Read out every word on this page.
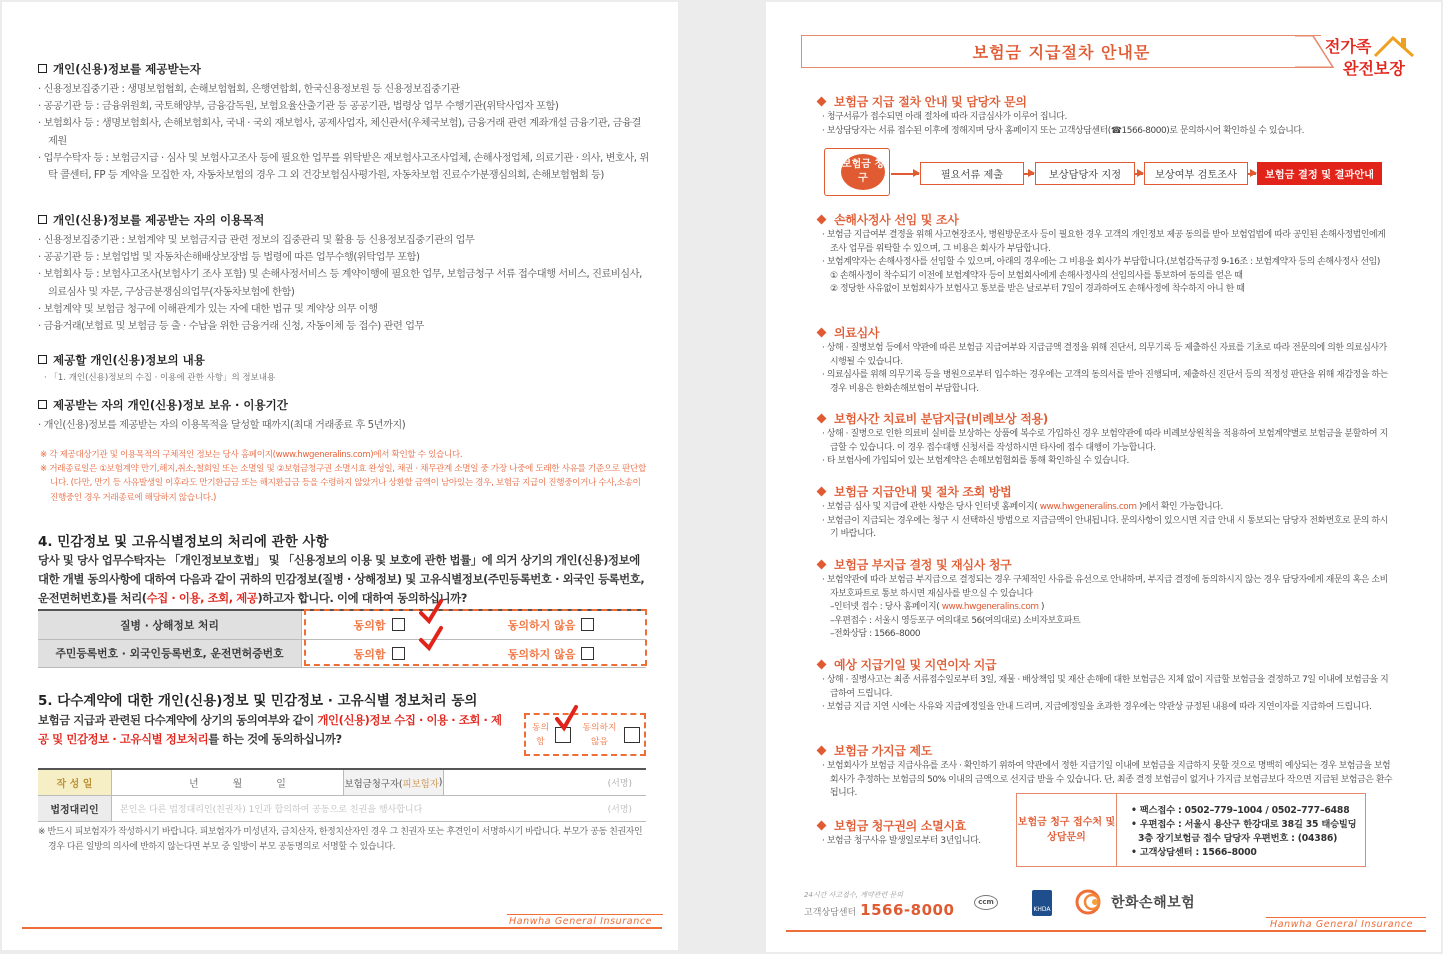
개인(신용)정보를 제공받는자

· 신용정보집중기관 : 생명보험협회, 손해보험협회, 은행연합회, 한국신용정보원 등 신용정보집중기관

· 공공기관 등 : 금융위원회, 국토해양부, 금융감독원, 보험요율산출기관 등 공공기관, 법령상 업무 수행기관(위탁사업자 포함)

· 보험회사 등 : 생명보험회사, 손해보험회사, 국내 · 국외 재보험사, 공제사업자, 체신관서(우체국보험), 금융거래 관련 계좌개설 금융기관, 금융결제원

· 업무수탁자 등 : 보험금지급 · 심사 및 보험사고조사 등에 필요한 업무를 위탁받은 재보험사고조사업체, 손해사정업체, 의료기관 · 의사, 변호사, 위탁 콜센터, FP 등 계약을 모집한 자, 자동차보험의 경우 그 외 건강보험심사평가원, 자동차보험 진료수가분쟁심의회, 손해보험협회 등)

개인(신용)정보를 제공받는 자의 이용목적

· 신용정보집중기관 : 보험계약 및 보험금지급 관련 정보의 집중관리 및 활용 등 신용정보집중기관의 업무

· 공공기관 등 : 보험업법 및 자동차손해배상보장법 등 법령에 따른 업무수행(위탁업무 포함)

· 보험회사 등 : 보험사고조사(보험사기 조사 포함) 및 손해사정서비스 등 계약이행에 필요한 업무, 보험금청구 서류 접수대행 서비스, 진료비심사, 의료심사 및 자문, 구상금분쟁심의업무(자동차보험에 한함)

· 보험계약 및 보험금 청구에 이해관계가 있는 자에 대한 법규 및 계약상 의무 이행

· 금융거래(보험료 및 보험금 등 출 · 수납을 위한 금융거래 신청, 자동이체 등 접수) 관련 업무

제공할 개인(신용)정보의 내용
· 「1. 개인(신용)정보의 수집 · 이용에 관한 사항」의 정보내용
제공받는 자의 개인(신용)정보 보유 · 이용기간

· 개인(신용)정보를 제공받는 자의 이용목적을 달성할 때까지(최대 거래종료 후 5년까지)

※ 각 제공대상기관 및 이용목적의 구체적인 정보는 당사 홈페이지(www.hwgeneralins.com)에서 확인할 수 있습니다.

※ 거래종료일은 ①보험계약 만기,해지,취소,철회일 또는 소멸일 및 ②보험금청구권 소멸시효 완성일, 채권 · 채무관계 소멸일 중 가장 나중에 도래한 사유를 기준으로 판단합니다. (다만, 만기 등 사유발생일 이후라도 만기환급금 또는 해지환급금 등을 수령하지 않았거나 상환할 금액이 남아있는 경우, 보험금 지급이 진행중이거나 수사,소송이 진행중인 경우 거래종료에 해당하지 않습니다.)

4. 민감정보 및 고유식별정보의 처리에 관한 사항
당사 및 당사 업무수탁자는 「개인정보보호법」 및 「신용정보의 이용 및 보호에 관한 법률」에 의거 상기의 개인(신용)정보에 대한 개별 동의사항에 대하여 다음과 같이 귀하의 민감정보(질병 · 상해정보) 및 고유식별정보(주민등록번호 · 외국인 등록번호, 운전면허번호)를 처리(수집 · 이용, 조회, 제공)하고자 합니다. 이에 대하여 동의하십니까?
질병 · 상해정보 처리	동의함	동의하지 않음
주민등록번호 · 외국인등록번호, 운전면허증번호	동의함	동의하지 않음
5. 다수계약에 대한 개인(신용)정보 및 민감정보 · 고유식별 정보처리 동의
보험금 지급과 관련된 다수계약에 상기의 동의여부와 같이 개인(신용)정보 수집 · 이용 · 조회 · 제공 및 민감정보 · 고유식별 정보처리를 하는 것에 동의하십니까?
동의함
동의하지 않음
작 성 일	년	월	일	보험금청구자( 피보험자 )	(서명)
법정대리인	본인은 다른 법정대리인(친권자) 1인과 합의하여 공동으로 친권을 행사합니다	(서명)
※ 반드시 피보험자가 작성하시기 바랍니다. 피보험자가 미성년자, 금치산자, 한정치산자인 경우 그 친권자 또는 후견인이 서명하시기 바랍니다. 부모가 공동 친권자인 경우 다른 일방의 의사에 반하지 않는다면 부모 중 일방이 부모 공동명의로 서명할 수 있습니다.
Hanwha General Insurance
보험금 지급절차 안내문	전가족
완전보장
보험금 지급 절차 안내 및 담당자 문의

· 청구서류가 접수되면 아래 절차에 따라 지급심사가 이루어 집니다.

· 보상담당자는 서류 접수된 이후에 정해지며 당사 홈페이지 또는 고객상담센터(☎1566-8000)로 문의하시어 확인하실 수 있습니다.

보험금 청구	필요서류 제출	보상담당자 지정	보상여부 검토조사	보험금 결정 및 결과안내
손해사정사 선임 및 조사

· 보험금 지급여부 결정을 위해 사고현장조사, 병원방문조사 등이 필요한 경우 고객의 개인정보 제공 동의를 받아 보험업법에 따라 공인된 손해사정법인에게 조사 업무를 위탁할 수 있으며, 그 비용은 회사가 부담합니다.

· 보험계약자는 손해사정사를 선임할 수 있으며, 아래의 경우에는 그 비용을 회사가 부담합니다.(보험감독규정 9-16조 : 보험계약자 등의 손해사정사 선임)

① 손해사정이 착수되기 이전에 보험계약자 등이 보험회사에게 손해사정사의 선임의사를 통보하여 동의를 얻은 때

② 정당한 사유없이 보험회사가 보험사고 통보를 받은 날로부터 7일이 경과하여도 손해사정에 착수하지 아니 한 때

의료심사

· 상해 · 질병보험 등에서 약관에 따른 보험금 지급여부와 지급금액 결정을 위해 진단서, 의무기록 등 제출하신 자료를 기초로 따라 전문의에 의한 의료심사가 시행될 수 있습니다.

· 의료심사를 위해 의무기록 등을 병원으로부터 입수하는 경우에는 고객의 동의서를 받아 진행되며, 제출하신 진단서 등의 적정성 판단을 위해 재감정을 하는 경우 비용은 한화손해보험이 부담합니다.

보험사간 치료비 분담지급(비례보상 적용)

· 상해 · 질병으로 인한 의료비 실비를 보상하는 상품에 복수로 가입하신 경우 보험약관에 따라 비례보상원칙을 적용하여 보험계약별로 보험금을 분할하여 지급할 수 있습니다. 이 경우 접수대행 신청서를 작성하시면 타사에 접수 대행이 가능합니다.

· 타 보험사에 가입되어 있는 보험계약은 손해보험협회를 통해 확인하실 수 있습니다.

보험금 지급안내 및 절차 조회 방법

· 보험금 심사 및 지급에 관한 사항은 당사 인터넷 홈페이지( www.hwgeneralins.com )에서 확인 가능합니다.

· 보험금이 지급되는 경우에는 청구 시 선택하신 방법으로 지급금액이 안내됩니다. 문의사항이 있으시면 지급 안내 시 통보되는 담당자 전화번호로 문의 하시기 바랍니다.

보험금 부지급 결정 및 재심사 청구

· 보험약관에 따라 보험금 부지급으로 결정되는 경우 구체적인 사유를 유선으로 안내하며, 부지급 결정에 동의하시지 않는 경우 담당자에게 재문의 혹은 소비자보호파트로 통보 하시면 재심사를 받으실 수 있습니다

–인터넷 접수 : 당사 홈페이지( www.hwgeneralins.com )

–우편접수 : 서울시 영등포구 여의대로 56(여의대로) 소비자보호파트

–전화상담 : 1566–8000

예상 지급기일 및 지연이자 지급

· 상해 · 질병사고는 최종 서류접수일로부터 3일, 재물 · 배상책임 및 재산 손해에 대한 보험금은 지체 없이 지급할 보험금을 결정하고 7일 이내에 보험금을 지급하여 드립니다.

· 보험금 지급 지연 시에는 사유와 지급예정일을 안내 드리며, 지급예정일을 초과한 경우에는 약관상 규정된 내용에 따라 지연이자를 지급하여 드립니다.

보험금 가지급 제도

· 보험회사가 보험금 지급사유를 조사 · 확인하기 위하여 약관에서 정한 지급기일 이내에 보험금을 지급하지 못할 것으로 명백히 예상되는 경우 보험금을 보험회사가 추정하는 보험금의 50% 이내의 금액으로 선지급 받을 수 있습니다. 단, 최종 결정 보험금이 없거나 가지급 보험금보다 작으면 지급된 보험금은 환수됩니다.

보험금 청구권의 소멸시효

· 보험금 청구사유 발생일로부터 3년입니다.

보험금 청구 접수처 및 상담문의

• 팩스접수 : 0502–779–1004 / 0502–777–6488

• 우편접수 : 서울시 용산구 한강대로 38길 35 태승빌딩 3층 장기보험금 접수 담당자 우편번호 : (04386)

• 고객상담센터 : 1566–8000

24시간 사고접수, 계약관련 문의
고객상담센터 1566-8000	ccm
KHDA	한화손해보험
Hanwha General Insurance
